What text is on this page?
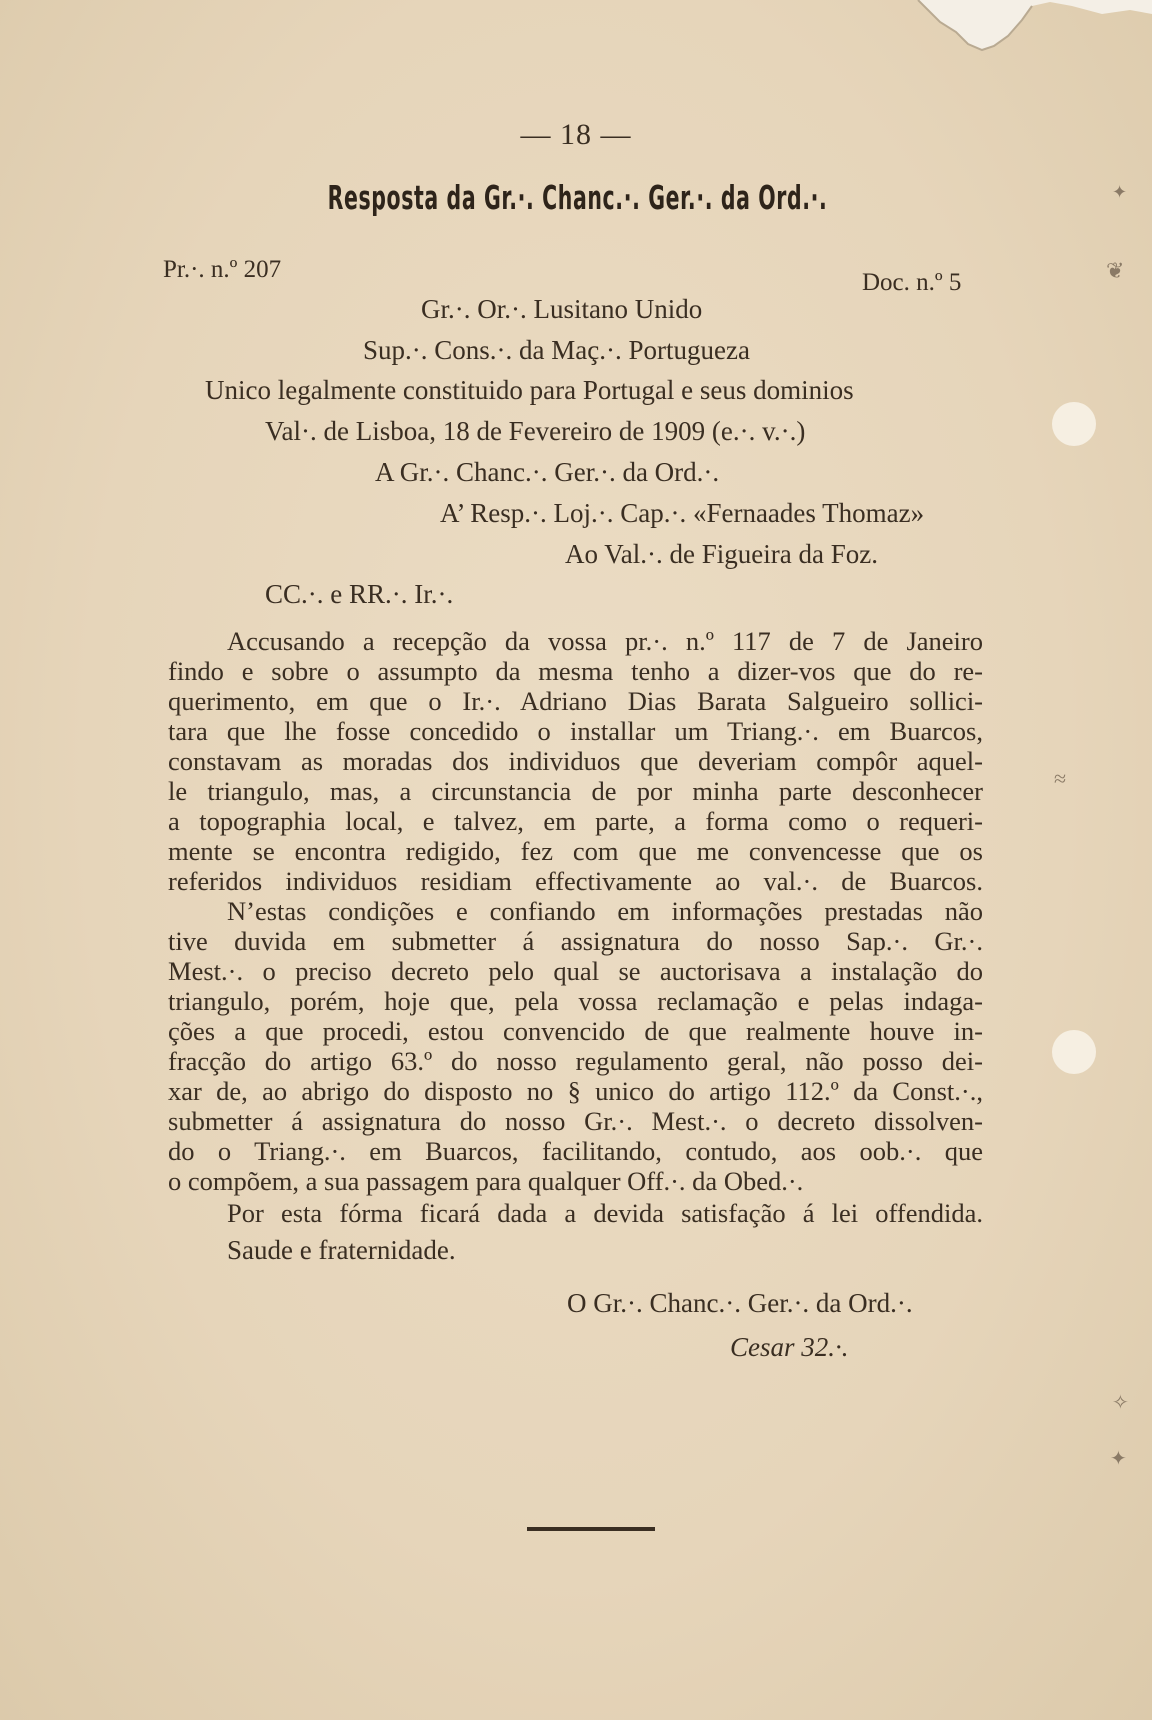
— 18 —
Resposta da Gr.·. Chanc.·. Ger.·. da Ord.·.
Pr.·. n.º 207	Doc. n.º 5
Gr.·. Or.·. Lusitano Unido
Sup.·. Cons.·. da Maç.·. Portugueza
Unico legalmente constituido para Portugal e seus dominios
Val·. de Lisboa, 18 de Fevereiro de 1909 (e.·. v.·.)
A Gr.·. Chanc.·. Ger.·. da Ord.·.
A’ Resp.·. Loj.·. Cap.·. «Fernaades Thomaz»
Ao Val.·. de Figueira da Foz.
CC.·. e RR.·. Ir.·.
Accusando a recepção da vossa pr.·. n.º 117 de 7 de Janeiro
findo e sobre o assumpto da mesma tenho a dizer-vos que do re-
querimento, em que o Ir.·. Adriano Dias Barata Salgueiro sollici-
tara que lhe fosse concedido o installar um Triang.·. em Buarcos,
constavam as moradas dos individuos que deveriam compôr aquel-
le triangulo, mas, a circunstancia de por minha parte desconhecer
a topographia local, e talvez, em parte, a forma como o requeri-
mente se encontra redigido, fez com que me convencesse que os
referidos individuos residiam effectivamente ao val.·. de Buarcos.
N’estas condições e confiando em informações prestadas não
tive duvida em submetter á assignatura do nosso Sap.·. Gr.·.
Mest.·. o preciso decreto pelo qual se auctorisava a instalação do
triangulo, porém, hoje que, pela vossa reclamação e pelas indaga-
ções a que procedi, estou convencido de que realmente houve in-
fracção do artigo 63.º do nosso regulamento geral, não posso dei-
xar de, ao abrigo do disposto no § unico do artigo 112.º da Const.·.,
submetter á assignatura do nosso Gr.·. Mest.·. o decreto dissolven-
do o Triang.·. em Buarcos, facilitando, contudo, aos oob.·. que
o compõem, a sua passagem para qualquer Off.·. da Obed.·.
Por esta fórma ficará dada a devida satisfação á lei offendida.
Saude e fraternidade.
O Gr.·. Chanc.·. Ger.·. da Ord.·.
Cesar 32.·.
✦
❦
≈
✧
✦
